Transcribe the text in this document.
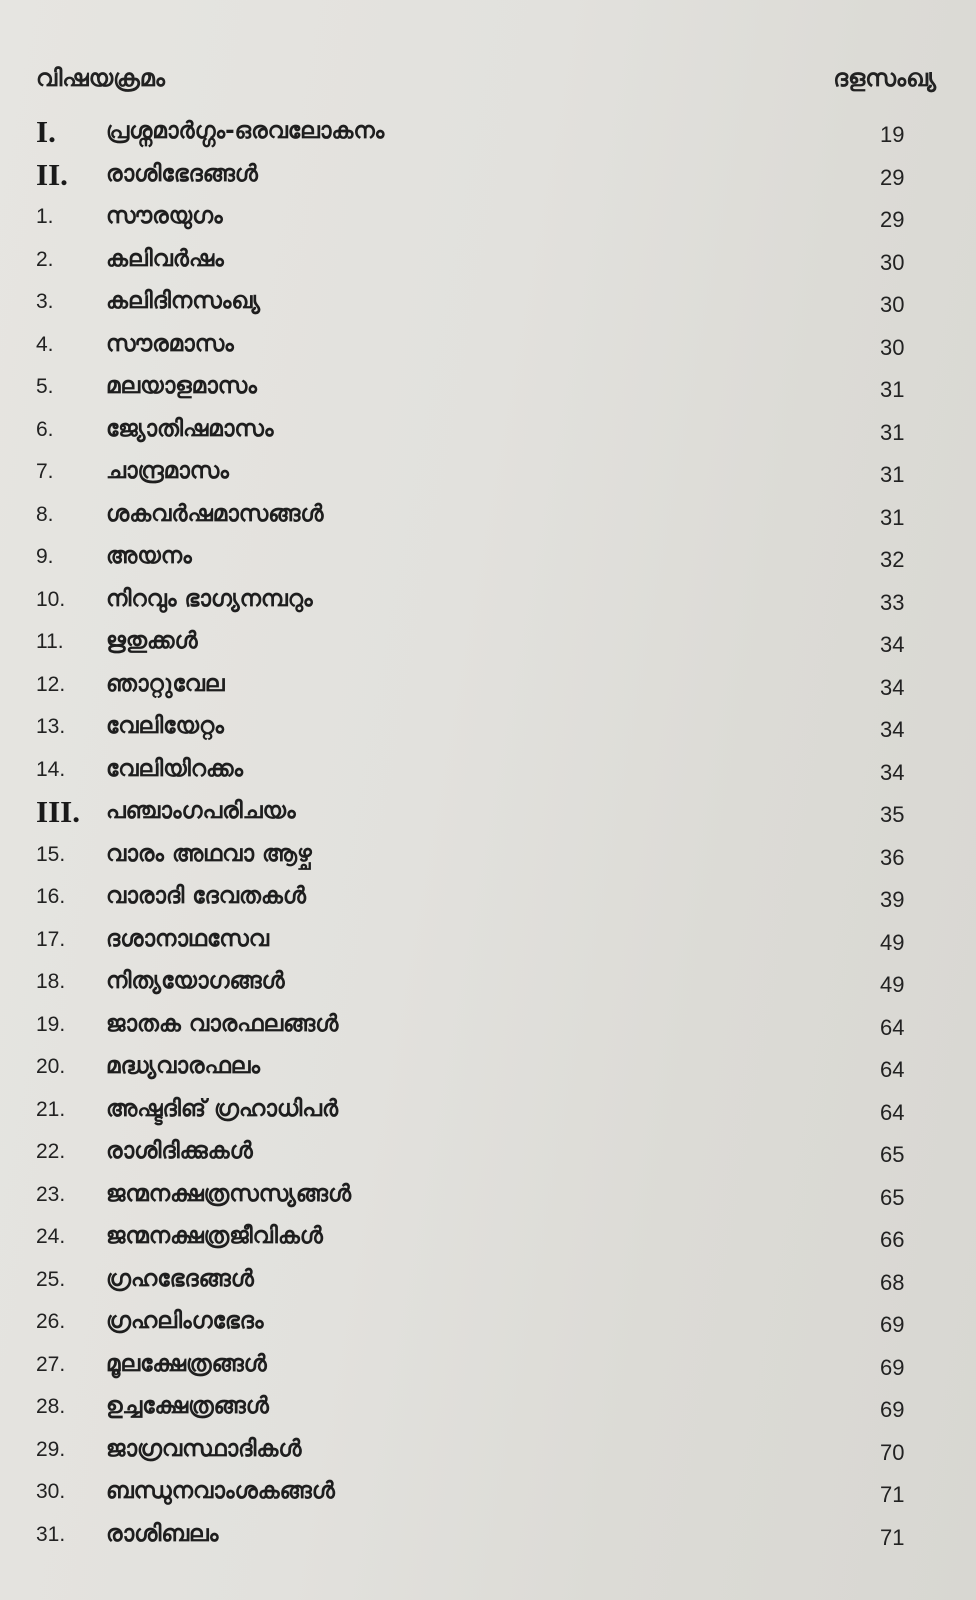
വിഷയക്രമം	ദളസംഖ്യ
I. പ്രശ്നമാർഗ്ഗം-ഒരവലോകനം	19
II. രാശിഭേദങ്ങൾ	29
1. സൗരയുഗം	29
2. കലിവർഷം	30
3. കലിദിനസംഖ്യ	30
4. സൗരമാസം	30
5. മലയാളമാസം	31
6. ജ്യോതിഷമാസം	31
7. ചാന്ദ്രമാസം	31
8. ശകവർഷമാസങ്ങൾ	31
9. അയനം	32
10. നിറവും ഭാഗ്യനമ്പറും	33
11. ഋതുക്കൾ	34
12. ഞാറ്റുവേല	34
13. വേലിയേറ്റം	34
14. വേലിയിറക്കം	34
III. പഞ്ചാംഗപരിചയം	35
15. വാരം അഥവാ ആഴ്ച	36
16. വാരാദി ദേവതകൾ	39
17. ദശാനാഥസേവ	49
18. നിത്യയോഗങ്ങൾ	49
19. ജാതക വാരഫലങ്ങൾ	64
20. മദ്ധ്യവാരഫലം	64
21. അഷ്ടദിങ് ഗ്രഹാധിപർ	64
22. രാശിദിക്കുകൾ	65
23. ജന്മനക്ഷത്രസസ്യങ്ങൾ	65
24. ജന്മനക്ഷത്രജീവികൾ	66
25. ഗ്രഹഭേദങ്ങൾ	68
26. ഗ്രഹലിംഗഭേദം	69
27. മൂലക്ഷേത്രങ്ങൾ	69
28. ഉച്ചക്ഷേത്രങ്ങൾ	69
29. ജാഗ്രവസ്ഥാദികൾ	70
30. ബന്ധുനവാംശകങ്ങൾ	71
31. രാശിബലം	71
